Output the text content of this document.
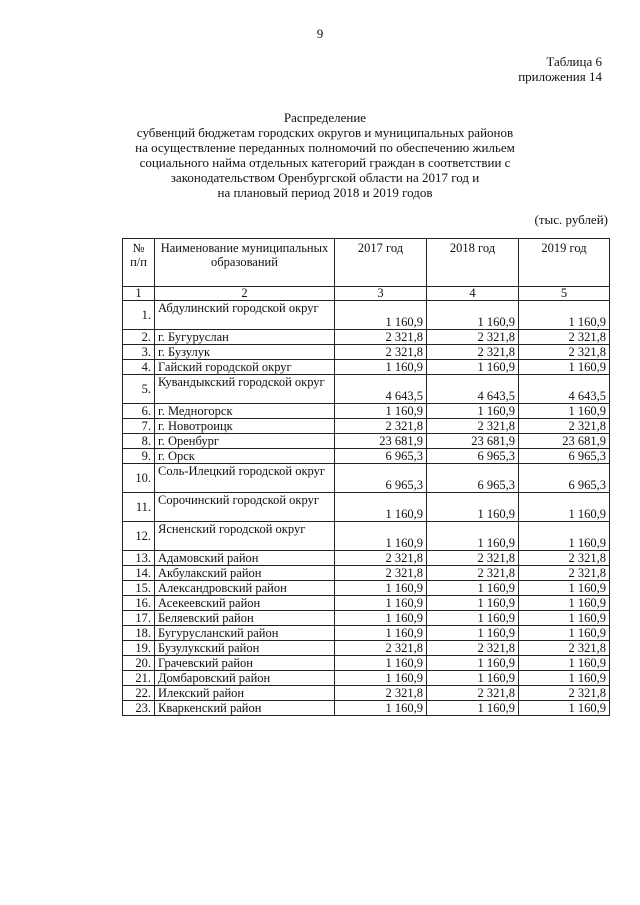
9
Таблица 6
приложения 14
Распределение
субвенций бюджетам городских округов и муниципальных районов
на осуществление переданных полномочий по обеспечению жильем
социального найма отдельных категорий граждан в соответствии с
законодательством Оренбургской области на 2017 год и
на плановый период 2018 и 2019 годов
(тыс. рублей)
№ п/п	Наименование муниципальных образований	2017 год	2018 год	2019 год
1	2	3	4	5
1.	Абдулинский городской округ	1 160,9	1 160,9	1 160,9
2.	г. Бугуруслан	2 321,8	2 321,8	2 321,8
3.	г. Бузулук	2 321,8	2 321,8	2 321,8
4.	Гайский городской округ	1 160,9	1 160,9	1 160,9
5.	Кувандыкский городской округ	4 643,5	4 643,5	4 643,5
6.	г. Медногорск	1 160,9	1 160,9	1 160,9
7.	г. Новотроицк	2 321,8	2 321,8	2 321,8
8.	г. Оренбург	23 681,9	23 681,9	23 681,9
9.	г. Орск	6 965,3	6 965,3	6 965,3
10.	Соль-Илецкий городской округ	6 965,3	6 965,3	6 965,3
11.	Сорочинский городской округ	1 160,9	1 160,9	1 160,9
12.	Ясненский городской округ	1 160,9	1 160,9	1 160,9
13.	Адамовский район	2 321,8	2 321,8	2 321,8
14.	Акбулакский район	2 321,8	2 321,8	2 321,8
15.	Александровский район	1 160,9	1 160,9	1 160,9
16.	Асекеевский район	1 160,9	1 160,9	1 160,9
17.	Беляевский район	1 160,9	1 160,9	1 160,9
18.	Бугурусланский район	1 160,9	1 160,9	1 160,9
19.	Бузулукский район	2 321,8	2 321,8	2 321,8
20.	Грачевский район	1 160,9	1 160,9	1 160,9
21.	Домбаровский район	1 160,9	1 160,9	1 160,9
22.	Илекский район	2 321,8	2 321,8	2 321,8
23.	Кваркенский район	1 160,9	1 160,9	1 160,9
